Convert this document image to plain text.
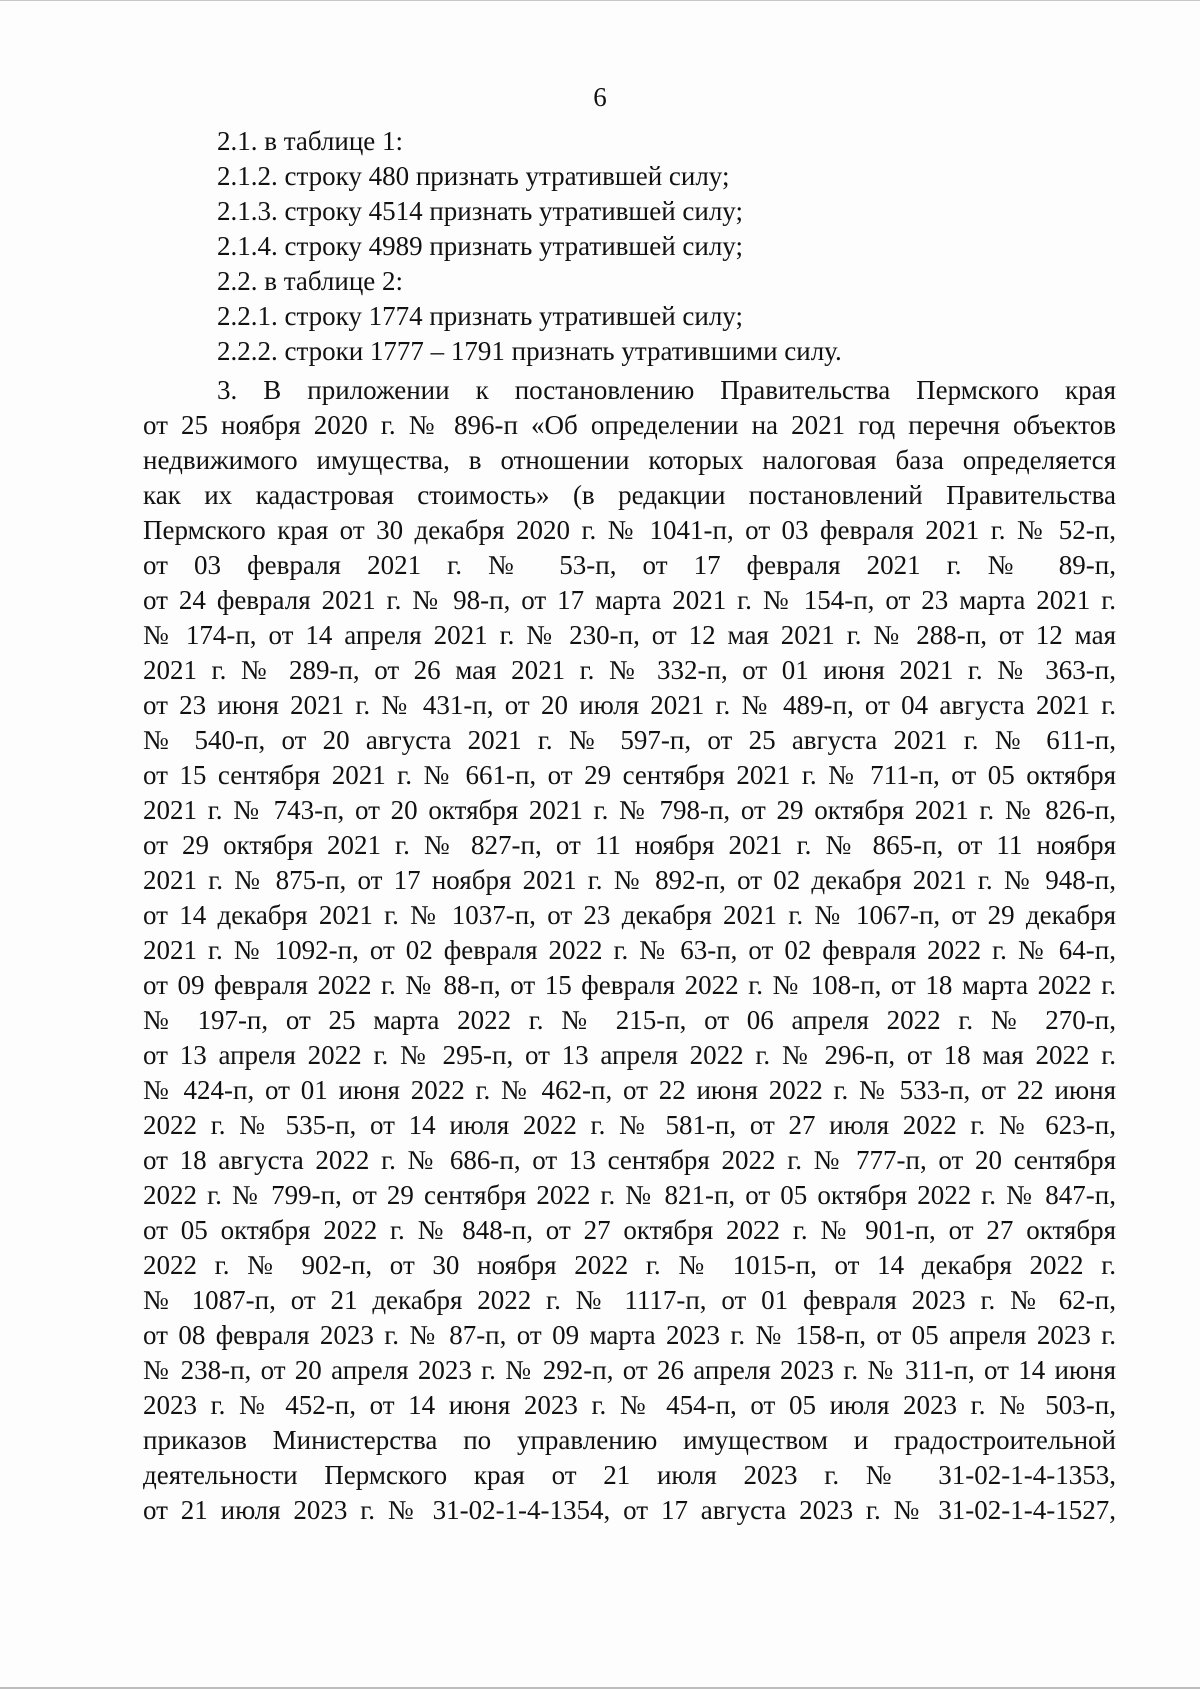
6
2.1. в таблице 1:
2.1.2. строку 480 признать утратившей силу;
2.1.3. строку 4514 признать утратившей силу;
2.1.4. строку 4989 признать утратившей силу;
2.2. в таблице 2:
2.2.1. строку 1774 признать утратившей силу;
2.2.2. строки 1777 – 1791 признать утратившими силу.
3. В приложении к постановлению Правительства Пермского края
от 25 ноября 2020 г. № 896-п «Об определении на 2021 год перечня объектов
недвижимого имущества, в отношении которых налоговая база определяется
как их кадастровая стоимость» (в редакции постановлений Правительства
Пермского края от 30 декабря 2020 г. № 1041-п, от 03 февраля 2021 г. № 52-п,
от 03 февраля 2021 г. № 53-п, от 17 февраля 2021 г. № 89-п,
от 24 февраля 2021 г. № 98-п, от 17 марта 2021 г. № 154-п, от 23 марта 2021 г.
№ 174-п, от 14 апреля 2021 г. № 230-п, от 12 мая 2021 г. № 288-п, от 12 мая
2021 г. № 289-п, от 26 мая 2021 г. № 332-п, от 01 июня 2021 г. № 363-п,
от 23 июня 2021 г. № 431-п, от 20 июля 2021 г. № 489-п, от 04 августа 2021 г.
№ 540-п, от 20 августа 2021 г. № 597-п, от 25 августа 2021 г. № 611-п,
от 15 сентября 2021 г. № 661-п, от 29 сентября 2021 г. № 711-п, от 05 октября
2021 г. № 743-п, от 20 октября 2021 г. № 798-п, от 29 октября 2021 г. № 826-п,
от 29 октября 2021 г. № 827-п, от 11 ноября 2021 г. № 865-п, от 11 ноября
2021 г. № 875-п, от 17 ноября 2021 г. № 892-п, от 02 декабря 2021 г. № 948-п,
от 14 декабря 2021 г. № 1037-п, от 23 декабря 2021 г. № 1067-п, от 29 декабря
2021 г. № 1092-п, от 02 февраля 2022 г. № 63-п, от 02 февраля 2022 г. № 64-п,
от 09 февраля 2022 г. № 88-п, от 15 февраля 2022 г. № 108-п, от 18 марта 2022 г.
№ 197-п, от 25 марта 2022 г. № 215-п, от 06 апреля 2022 г. № 270-п,
от 13 апреля 2022 г. № 295-п, от 13 апреля 2022 г. № 296-п, от 18 мая 2022 г.
№ 424-п, от 01 июня 2022 г. № 462-п, от 22 июня 2022 г. № 533-п, от 22 июня
2022 г. № 535-п, от 14 июля 2022 г. № 581-п, от 27 июля 2022 г. № 623-п,
от 18 августа 2022 г. № 686-п, от 13 сентября 2022 г. № 777-п, от 20 сентября
2022 г. № 799-п, от 29 сентября 2022 г. № 821-п, от 05 октября 2022 г. № 847-п,
от 05 октября 2022 г. № 848-п, от 27 октября 2022 г. № 901-п, от 27 октября
2022 г. № 902-п, от 30 ноября 2022 г. № 1015-п, от 14 декабря 2022 г.
№ 1087-п, от 21 декабря 2022 г. № 1117-п, от 01 февраля 2023 г. № 62-п,
от 08 февраля 2023 г. № 87-п, от 09 марта 2023 г. № 158-п, от 05 апреля 2023 г.
№ 238-п, от 20 апреля 2023 г. № 292-п, от 26 апреля 2023 г. № 311-п, от 14 июня
2023 г. № 452-п, от 14 июня 2023 г. № 454-п, от 05 июля 2023 г. № 503-п,
приказов Министерства по управлению имуществом и градостроительной
деятельности Пермского края от 21 июля 2023 г. № 31-02-1-4-1353,
от 21 июля 2023 г. № 31-02-1-4-1354, от 17 августа 2023 г. № 31-02-1-4-1527,
